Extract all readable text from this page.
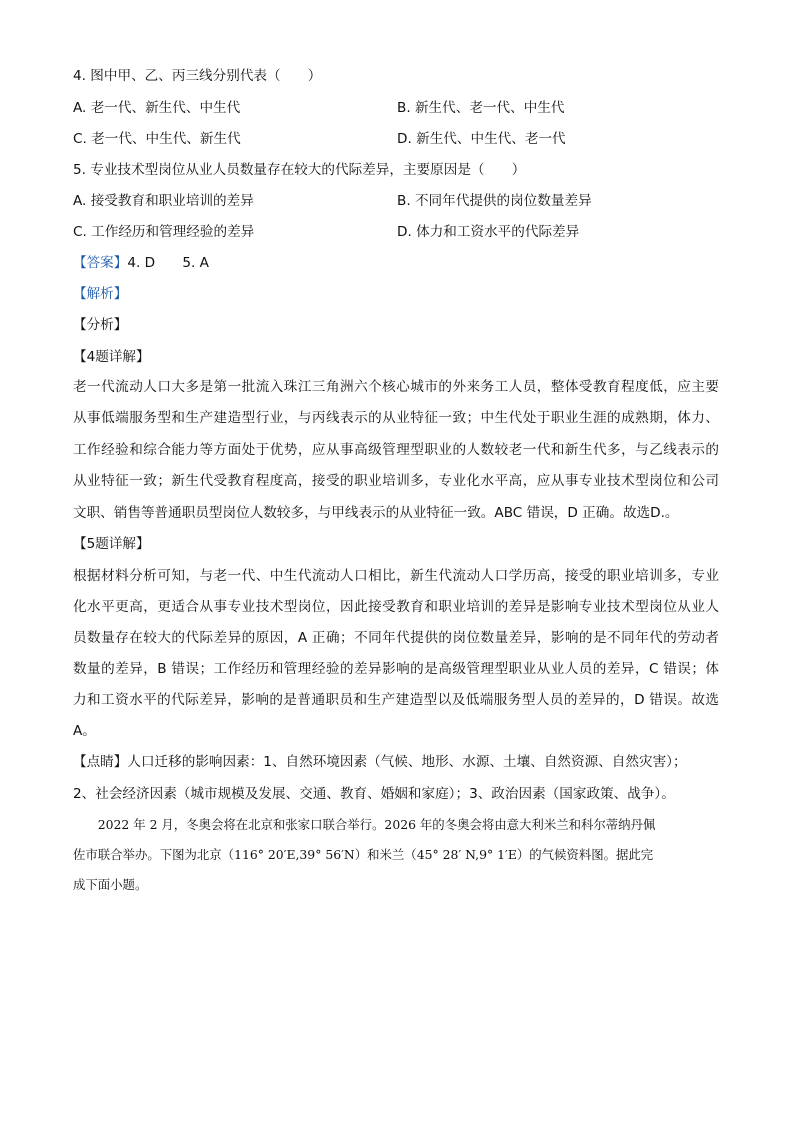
4. 图中甲、乙、丙三线分别代表（　　）
A. 老一代、新生代、中生代	B. 新生代、老一代、中生代
C. 老一代、中生代、新生代	D. 新生代、中生代、老一代
5. 专业技术型岗位从业人员数量存在较大的代际差异，主要原因是（　　）
A. 接受教育和职业培训的差异	B. 不同年代提供的岗位数量差异
C. 工作经历和管理经验的差异	D. 体力和工资水平的代际差异
【答案】4. D　　5. A
【解析】
【分析】
【4题详解】
老一代流动人口大多是第一批流入珠江三角洲六个核心城市的外来务工人员，整体受教育程度低，应主要
从事低端服务型和生产建造型行业，与丙线表示的从业特征一致；中生代处于职业生涯的成熟期，体力、
工作经验和综合能力等方面处于优势，应从事高级管理型职业的人数较老一代和新生代多，与乙线表示的
从业特征一致；新生代受教育程度高，接受的职业培训多，专业化水平高，应从事专业技术型岗位和公司
文职、销售等普通职员型岗位人数较多，与甲线表示的从业特征一致。ABC 错误，D 正确。故选D.。
【5题详解】
根据材料分析可知，与老一代、中生代流动人口相比，新生代流动人口学历高，接受的职业培训多，专业
化水平更高，更适合从事专业技术型岗位，因此接受教育和职业培训的差异是影响专业技术型岗位从业人
员数量存在较大的代际差异的原因，A 正确；不同年代提供的岗位数量差异，影响的是不同年代的劳动者
数量的差异，B 错误；工作经历和管理经验的差异影响的是高级管理型职业从业人员的差异，C 错误；体
力和工资水平的代际差异，影响的是普通职员和生产建造型以及低端服务型人员的差异的，D 错误。故选
A。
【点睛】人口迁移的影响因素：1、自然环境因素（气候、地形、水源、土壤、自然资源、自然灾害）；
2、社会经济因素（城市规模及发展、交通、教育、婚姻和家庭）；3、政治因素（国家政策、战争）。
　　2022 年 2 月，冬奥会将在北京和张家口联合举行。2026 年的冬奥会将由意大利米兰和科尔蒂纳丹佩
佐市联合举办。下图为北京（116° 20′E,39° 56′N）和米兰（45° 28′ N,9° 1′E）的气候资料图。据此完
成下面小题。
